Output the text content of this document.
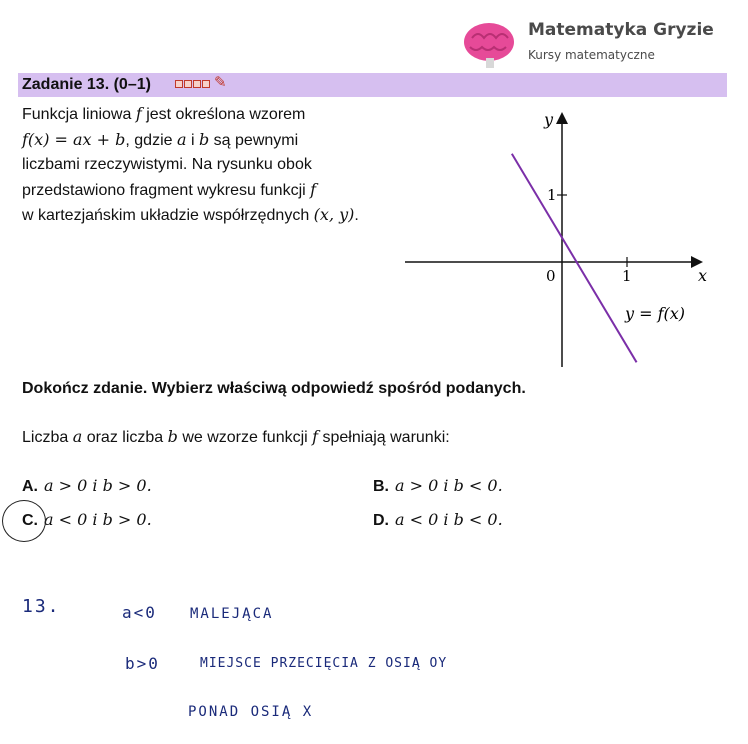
Matematyka Gryzie
Kursy matematyczne
Zadanie 13. (0–1)	✎
Funkcja liniowa f jest określona wzorem
f(x) = ax + b, gdzie a i b są pewnymi
liczbami rzeczywistymi. Na rysunku obok
przedstawiono fragment wykresu funkcji f
w kartezjańskim układzie współrzędnych (x, y).
y
x
1
1
0
y = f(x)
Dokończ zdanie. Wybierz właściwą odpowiedź spośród podanych.
Liczba a oraz liczba b we wzorze funkcji f spełniają warunki:
A. a > 0 i b > 0.	B. a > 0 i b < 0.
C. a < 0 i b > 0.	D. a < 0 i b < 0.
13.	a<0 MALEJĄCA
b>0	MIEJSCE PRZECIĘCIA Z OSIĄ OY
PONAD OSIĄ X
